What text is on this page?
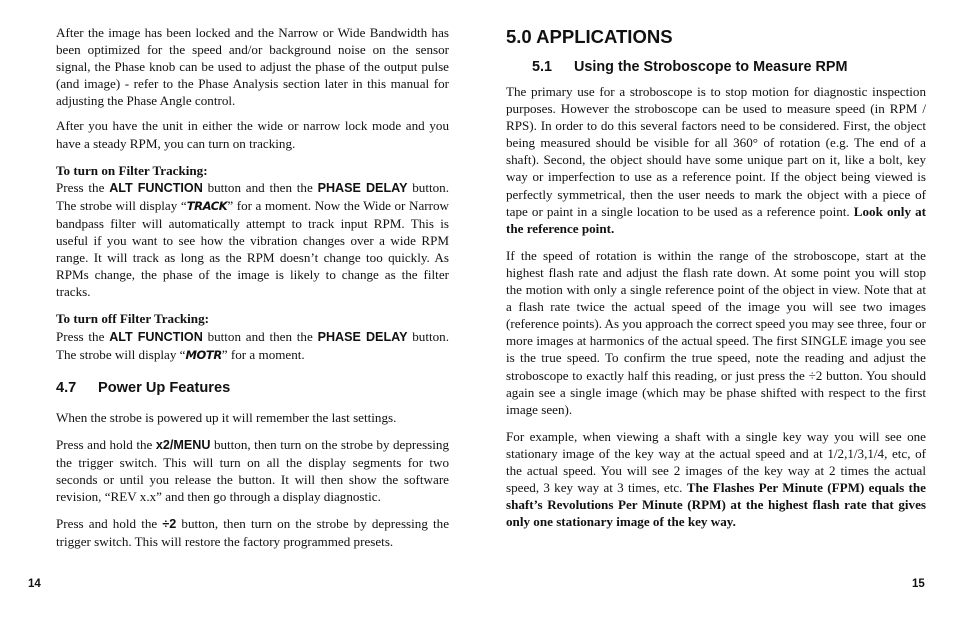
After the image has been locked and the Narrow or Wide Bandwidth has been optimized for the speed and/or background noise on the sensor signal, the Phase knob can be used to adjust the phase of the output pulse (and image) - refer to the Phase Analysis section later in this manual for adjusting the Phase Angle control.

After you have the unit in either the wide or narrow lock mode and you have a steady RPM, you can turn on tracking.

To turn on Filter Tracking:
Press the ALT FUNCTION button and then the PHASE DELAY button. The strobe will display “TRACK” for a moment. Now the Wide or Narrow bandpass filter will automatically attempt to track input RPM. This is useful if you want to see how the vibration changes over a wide RPM range. It will track as long as the RPM doesn’t change too quickly. As RPMs change, the phase of the image is likely to change as the filter tracks.

To turn off Filter Tracking:
Press the ALT FUNCTION button and then the PHASE DELAY button. The strobe will display “MOTR” for a moment.

4.7 Power Up Features

When the strobe is powered up it will remember the last settings.

Press and hold the x2/MENU button, then turn on the strobe by depressing the trigger switch. This will turn on all the display segments for two seconds or until you release the button. It will then show the software revision, “REV x.x” and then go through a display diagnostic.

Press and hold the ÷2 button, then turn on the strobe by depressing the trigger switch. This will restore the factory programmed presets.

5.0 APPLICATIONS
5.1 Using the Stroboscope to Measure RPM

The primary use for a stroboscope is to stop motion for diagnostic inspection purposes. However the stroboscope can be used to measure speed (in RPM / RPS). In order to do this several factors need to be considered. First, the object being measured should be visible for all 360° of rotation (e.g. The end of a shaft). Second, the object should have some unique part on it, like a bolt, key way or imperfection to use as a reference point. If the object being viewed is perfectly symmetrical, then the user needs to mark the object with a piece of tape or paint in a single location to be used as a reference point. Look only at the reference point.

If the speed of rotation is within the range of the stroboscope, start at the highest flash rate and adjust the flash rate down. At some point you will stop the motion with only a single reference point of the object in view. Note that at a flash rate twice the actual speed of the image you will see two images (reference points). As you approach the correct speed you may see three, four or more images at harmonics of the actual speed. The first SINGLE image you see is the true speed. To confirm the true speed, note the reading and adjust the stroboscope to exactly half this reading, or just press the ÷2 button. You should again see a single image (which may be phase shifted with respect to the first image seen).

For example, when viewing a shaft with a single key way you will see one stationary image of the key way at the actual speed and at 1/2,1/3,1/4, etc, of the actual speed. You will see 2 images of the key way at 2 times the actual speed, 3 key way at 3 times, etc. The Flashes Per Minute (FPM) equals the shaft’s Revolutions Per Minute (RPM) at the highest flash rate that gives only one stationary image of the key way.

14	15
